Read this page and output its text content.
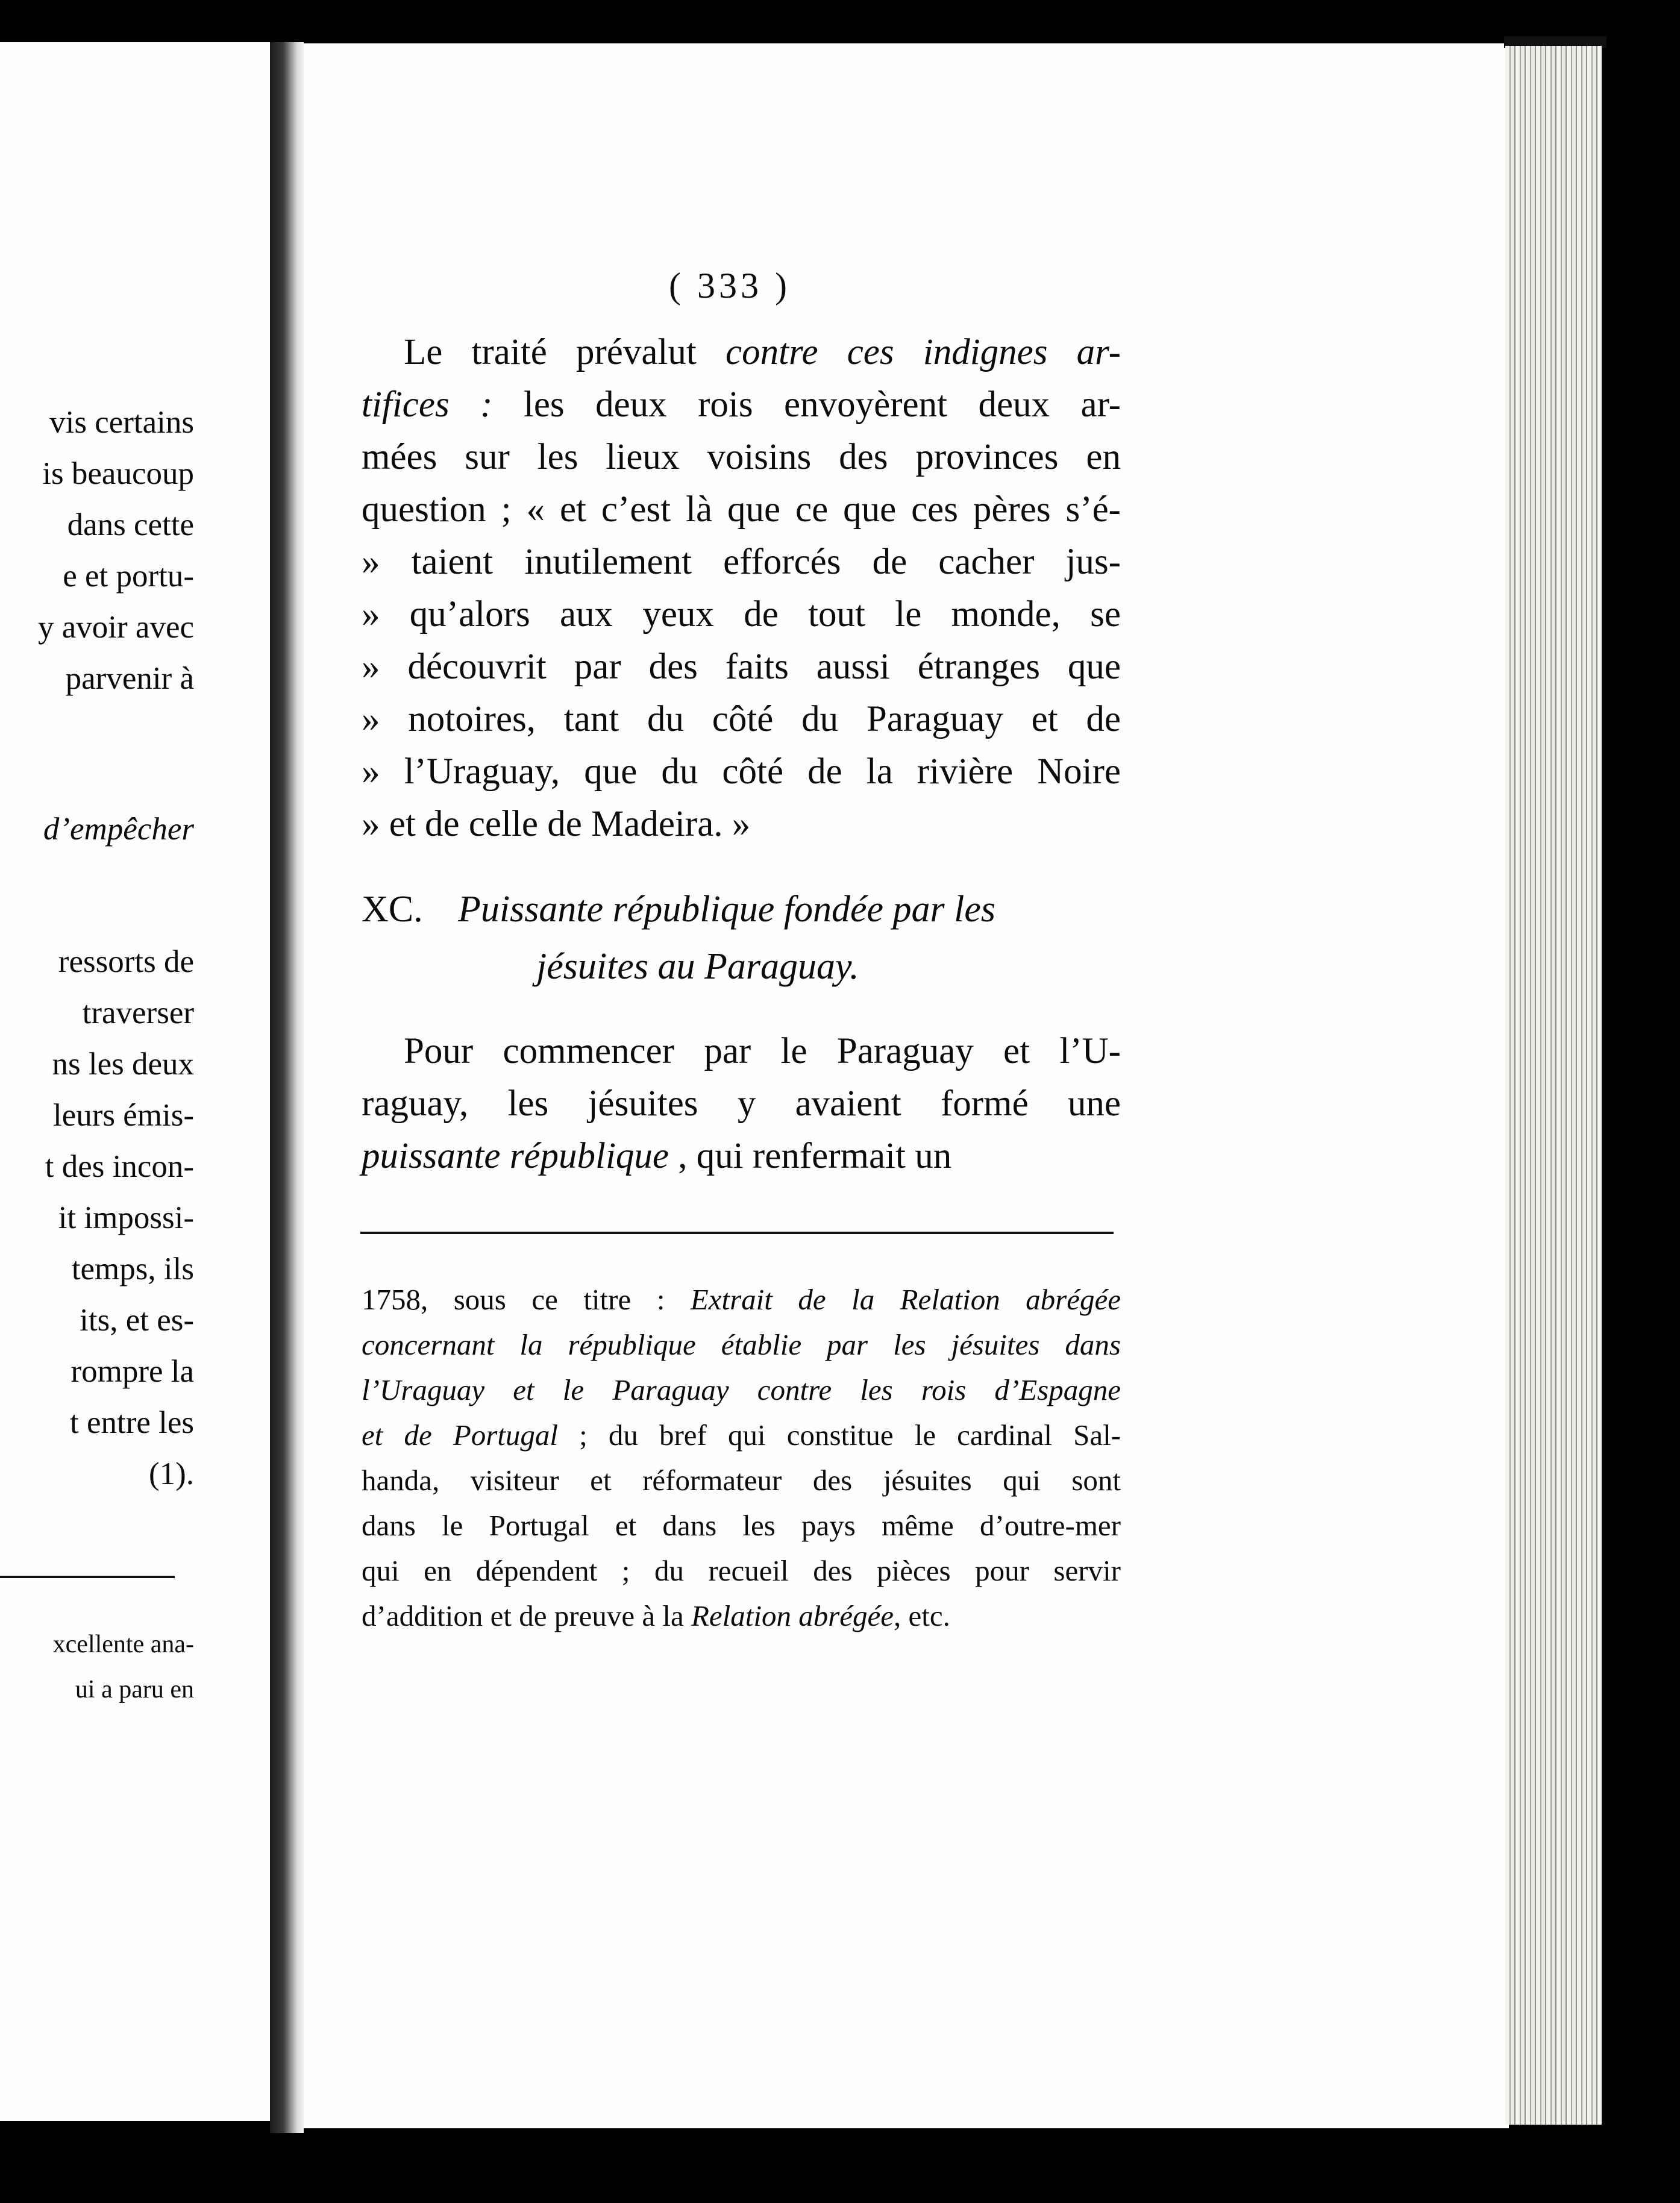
vis certains
is beaucoup
dans cette
e et portu-
y avoir avec
parvenir à
d’empêcher
ressorts de
traverser
ns les deux
leurs émis-
t des incon-
it impossi-
temps, ils
its, et es-
rompre la
t entre les
(1).
xcellente ana-
ui a paru en
( 333 )
Le traité prévalut contre ces indignes ar-
tifices : les deux rois envoyèrent deux ar-
mées sur les lieux voisins des provinces en
question ; « et c’est là que ce que ces pères s’é-
» taient inutilement efforcés de cacher jus-
» qu’alors aux yeux de tout le monde, se
» découvrit par des faits aussi étranges que
» notoires, tant du côté du Paraguay et de
» l’Uraguay, que du côté de la rivière Noire
» et de celle de Madeira. »
XC. Puissante république fondée par les
jésuites au Paraguay.
Pour commencer par le Paraguay et l’U-
raguay, les jésuites y avaient formé une
puissante république , qui renfermait un
1758, sous ce titre : Extrait de la Relation abrégée
concernant la république établie par les jésuites dans
l’Uraguay et le Paraguay contre les rois d’Espagne
et de Portugal ; du bref qui constitue le cardinal Sal-
handa, visiteur et réformateur des jésuites qui sont
dans le Portugal et dans les pays même d’outre-mer
qui en dépendent ; du recueil des pièces pour servir
d’addition et de preuve à la Relation abrégée, etc.
